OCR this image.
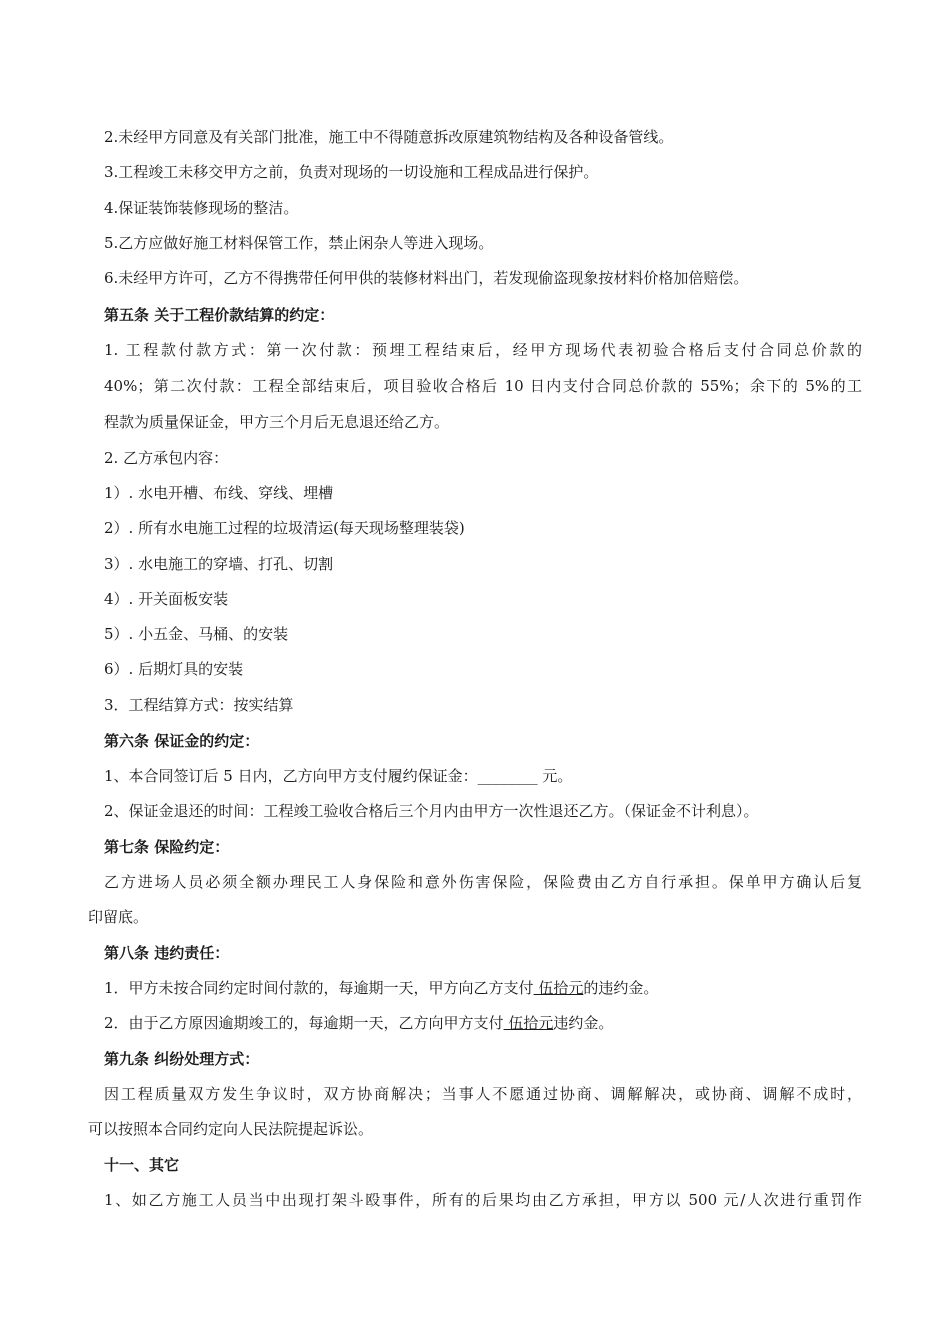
2.未经甲方同意及有关部门批准，施工中不得随意拆改原建筑物结构及各种设备管线。
3.工程竣工未移交甲方之前，负责对现场的一切设施和工程成品进行保护。
4.保证装饰装修现场的整洁。
5.乙方应做好施工材料保管工作，禁止闲杂人等进入现场。
6.未经甲方许可，乙方不得携带任何甲供的装修材料出门，若发现偷盗现象按材料价格加倍赔偿。
第五条 关于工程价款结算的约定：
1. 工程款付款方式：第一次付款：预埋工程结束后，经甲方现场代表初验合格后支付合同总价款的
40%；第二次付款：工程全部结束后，项目验收合格后 10 日内支付合同总价款的 55%；余下的 5%的工
程款为质量保证金，甲方三个月后无息退还给乙方。
2. 乙方承包内容：
1）. 水电开槽、布线、穿线、埋槽
2）. 所有水电施工过程的垃圾清运(每天现场整理装袋)
3）. 水电施工的穿墙、打孔、切割
4）. 开关面板安装
5）. 小五金、马桶、的安装
6）. 后期灯具的安装
3．工程结算方式：按实结算
第六条 保证金的约定：
1、本合同签订后 5 日内，乙方向甲方支付履约保证金：________ 元。
2、保证金退还的时间：工程竣工验收合格后三个月内由甲方一次性退还乙方。（保证金不计利息）。
第七条 保险约定：
乙方进场人员必须全额办理民工人身保险和意外伤害保险，保险费由乙方自行承担。保单甲方确认后复
印留底。
第八条 违约责任：
1．甲方未按合同约定时间付款的，每逾期一天，甲方向乙方支付 伍拾元的违约金。
2．由于乙方原因逾期竣工的，每逾期一天，乙方向甲方支付 伍拾元违约金。
第九条 纠纷处理方式：
因工程质量双方发生争议时，双方协商解决；当事人不愿通过协商、调解解决，或协商、调解不成时，
可以按照本合同约定向人民法院提起诉讼。
十一、其它
1、如乙方施工人员当中出现打架斗殴事件，所有的后果均由乙方承担，甲方以 500 元/人次进行重罚作
